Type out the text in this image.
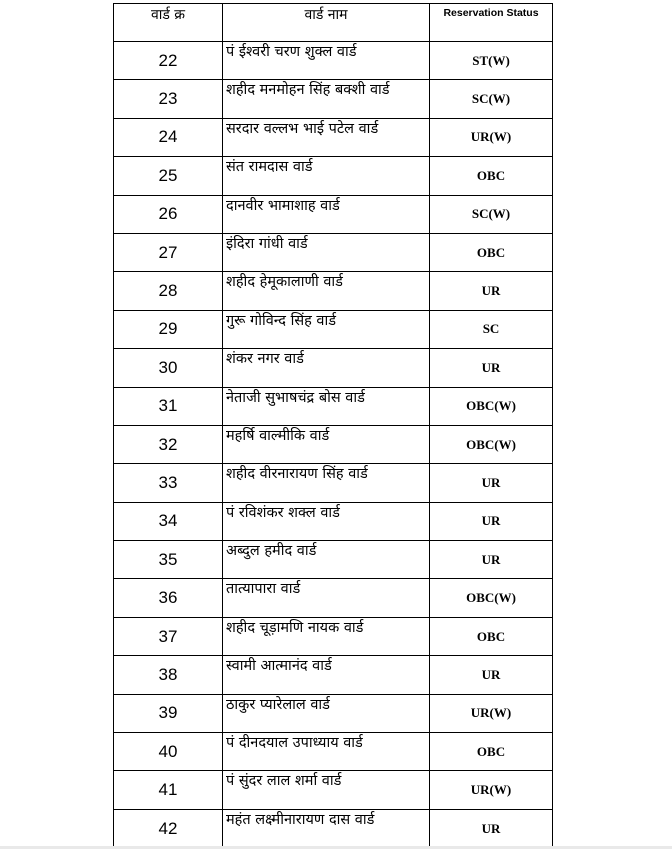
वार्ड क्र	वार्ड नाम	Reservation Status
22	पं ईश्वरी चरण शुक्ल वार्ड	ST(W)
23	शहीद मनमोहन सिंह बक्शी वार्ड	SC(W)
24	सरदार वल्लभ भाई पटेल वार्ड	UR(W)
25	संत रामदास वार्ड	OBC
26	दानवीर भामाशाह वार्ड	SC(W)
27	इंदिरा गांधी वार्ड	OBC
28	शहीद हेमूकालाणी वार्ड	UR
29	गुरू गोविन्द सिंह वार्ड	SC
30	शंकर नगर वार्ड	UR
31	नेताजी सुभाषचंद्र बोस वार्ड	OBC(W)
32	महर्षि वाल्मीकि वार्ड	OBC(W)
33	शहीद वीरनारायण सिंह वार्ड	UR
34	पं रविशंकर शक्ल वार्ड	UR
35	अब्दुल हमीद वार्ड	UR
36	तात्यापारा वार्ड	OBC(W)
37	शहीद चूड़ामणि नायक वार्ड	OBC
38	स्वामी आत्मानंद वार्ड	UR
39	ठाकुर प्यारेलाल वार्ड	UR(W)
40	पं दीनदयाल उपाध्याय वार्ड	OBC
41	पं सुंदर लाल शर्मा वार्ड	UR(W)
42	महंत लक्ष्मीनारायण दास वार्ड	UR
